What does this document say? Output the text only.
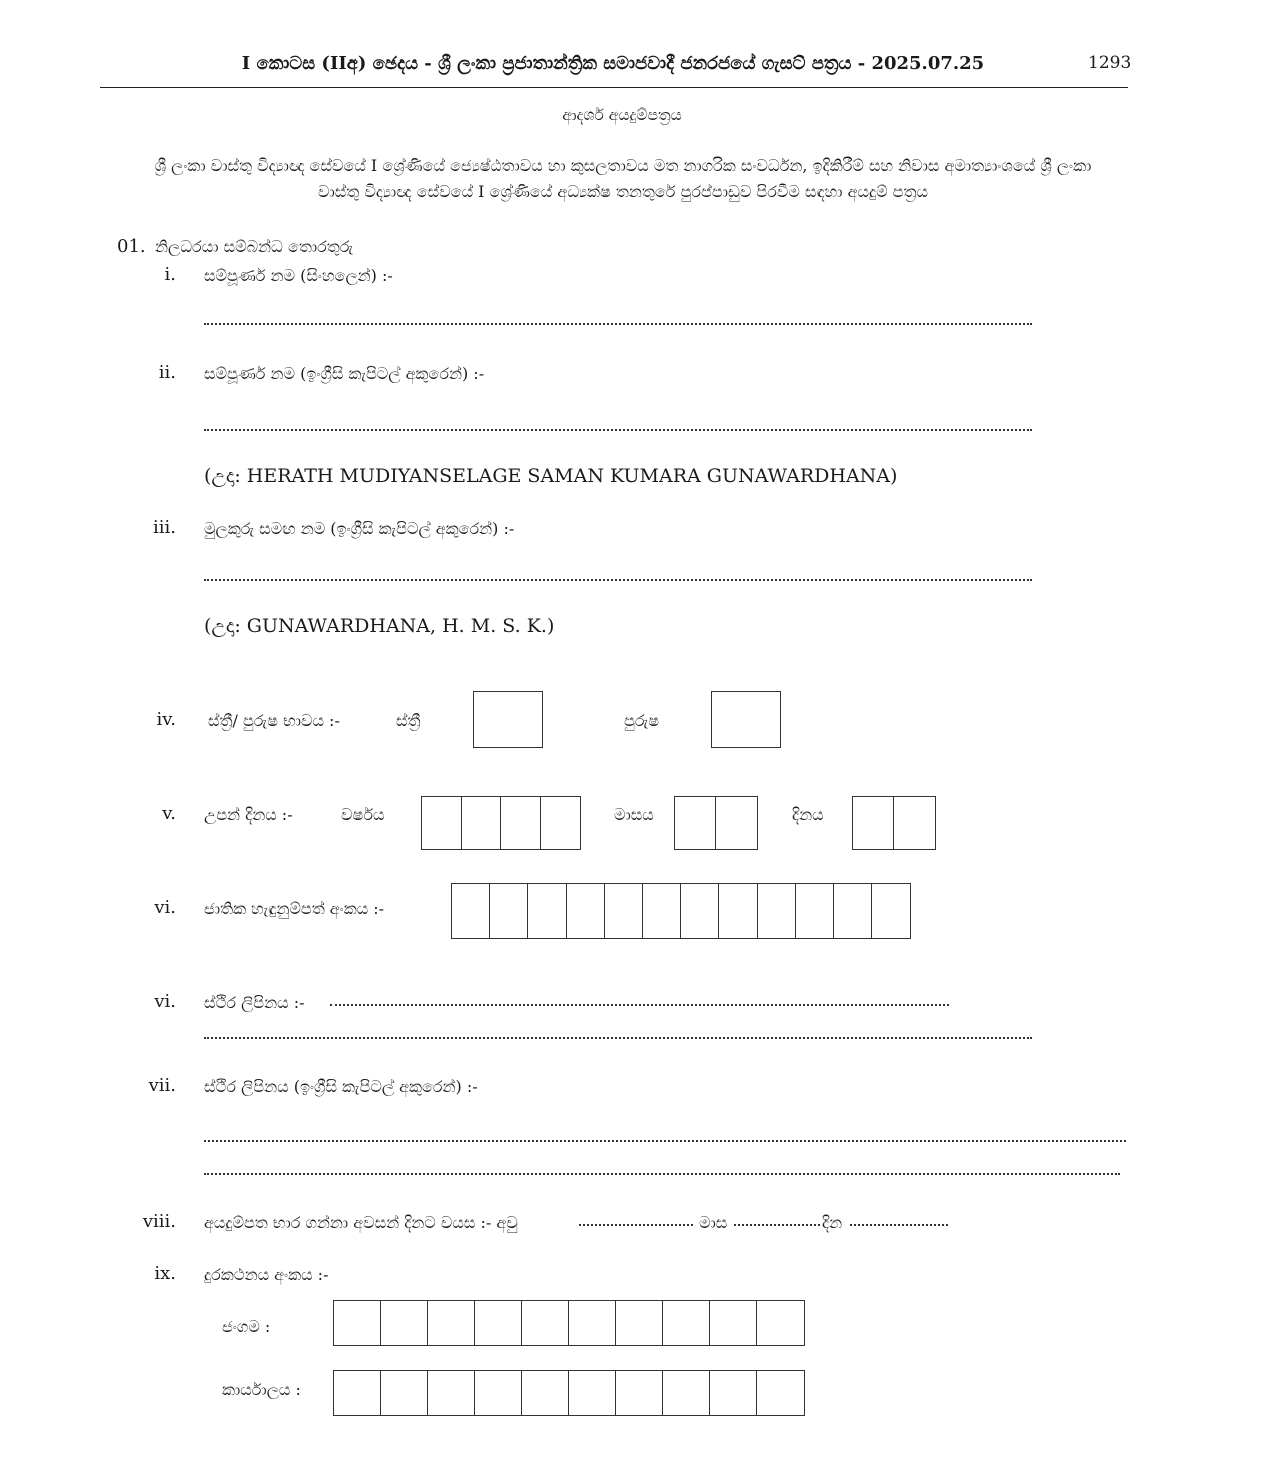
I කොටස (IIඅ) ඡෙදය - ශ්‍රී ලංකා ප්‍රජාතාන්ත්‍රික සමාජවාදී ජනරජයේ ගැසට් පත්‍රය - 2025.07.25	1293
ආදර්ශ අයදුම්පත්‍රය
ශ්‍රී ලංකා වාස්තු විද්‍යාඥ සේවයේ I ශ්‍රේණියේ ජ්‍යෙෂ්ඨතාවය හා කුසලතාවය මත නාගරික සංවර්ධන, ඉදිකිරීම් සහ නිවාස අමාත්‍යාංශයේ ශ්‍රී ලංකා වාස්තු විද්‍යාඥ සේවයේ I ශ්‍රේණියේ අධ්‍යක්ෂ තනතුරේ පුරප්පාඩුව පිරවීම සඳහා අයදුම් පත්‍රය
01. නිලධරයා සම්බන්ධ තොරතුරු
i. සම්පූර්ණ නම (සිංහලෙන්) :-
ii. සම්පූර්ණ නම (ඉංග්‍රීසි කැපිටල් අකුරෙන්) :-
(උදා: HERATH MUDIYANSELAGE SAMAN KUMARA GUNAWARDHANA)
iii. මුලකුරු සමඟ නම (ඉංග්‍රීසි කැපිටල් අකුරෙන්) :-
(උදා: GUNAWARDHANA, H. M. S. K.)
iv. ස්ත්‍රී/ පුරුෂ භාවය :-	ස්ත්‍රී	පුරුෂ
v. උපන් දිනය :-	වර්ෂය	මාසය	දිනය
vi. ජාතික හැඳුනුම්පත් අංකය :-
vi. ස්ථිර ලිපිනය :-
vii. ස්ථිර ලිපිනය (ඉංග්‍රීසි කැපිටල් අකුරෙන්) :-
viii. අයදුම්පත භාර ගන්නා අවසන් දිනට වයස :- අවු	මාස	දින
ix. දුරකථනය අංකය :-
ජංගම :
කාර්යාලය :
